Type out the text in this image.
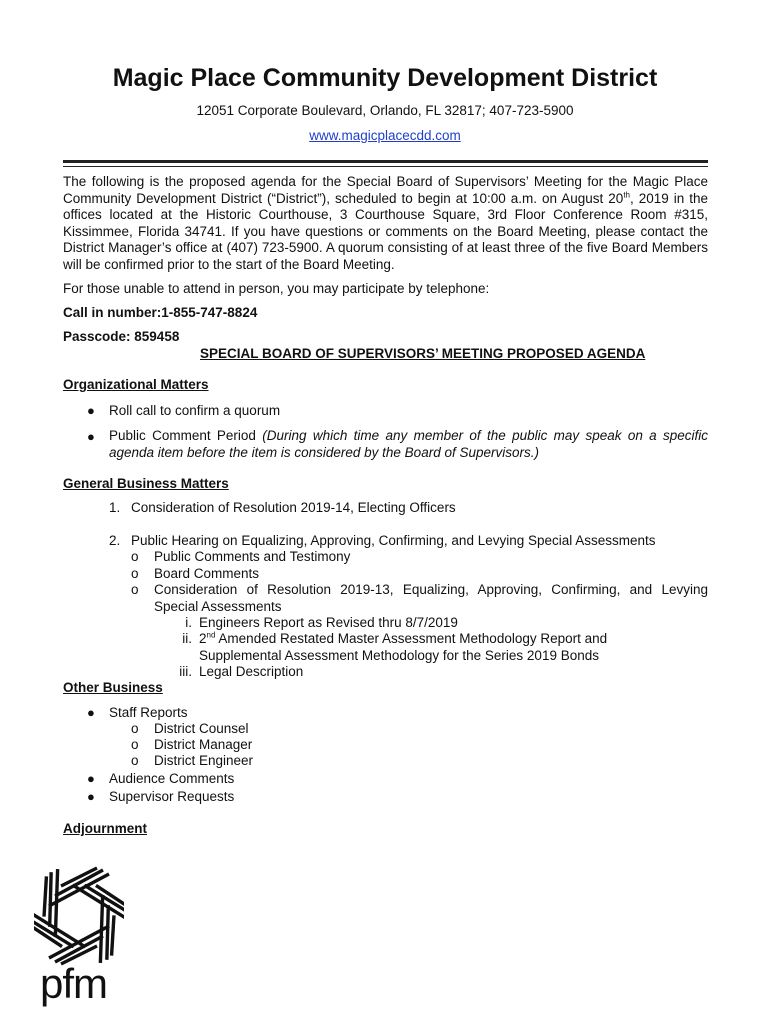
Magic Place Community Development District
12051 Corporate Boulevard, Orlando, FL 32817; 407-723-5900
www.magicplacecdd.com
The following is the proposed agenda for the Special Board of Supervisors’ Meeting for the Magic Place Community Development District (“District”), scheduled to begin at 10:00 a.m. on August 20th, 2019 in the offices located at the Historic Courthouse, 3 Courthouse Square, 3rd Floor Conference Room #315, Kissimmee, Florida 34741. If you have questions or comments on the Board Meeting, please contact the District Manager’s office at (407) 723-5900. A quorum consisting of at least three of the five Board Members will be confirmed prior to the start of the Board Meeting.
For those unable to attend in person, you may participate by telephone:
Call in number:1-855-747-8824
Passcode: 859458
SPECIAL BOARD OF SUPERVISORS’ MEETING PROPOSED AGENDA
Organizational Matters
● Roll call to confirm a quorum
● Public Comment Period (During which time any member of the public may speak on a specific agenda item before the item is considered by the Board of Supervisors.)
General Business Matters
1. Consideration of Resolution 2019-14, Electing Officers
2. Public Hearing on Equalizing, Approving, Confirming, and Levying Special Assessments
o Public Comments and Testimony
o Board Comments
o Consideration of Resolution 2019-13, Equalizing, Approving, Confirming, and Levying Special Assessments
i. Engineers Report as Revised thru 8/7/2019
ii. 2nd Amended Restated Master Assessment Methodology Report and Supplemental Assessment Methodology for the Series 2019 Bonds
iii. Legal Description
Other Business
● Staff Reports
o District Counsel
o District Manager
o District Engineer
● Audience Comments
● Supervisor Requests
Adjournment
pfm
